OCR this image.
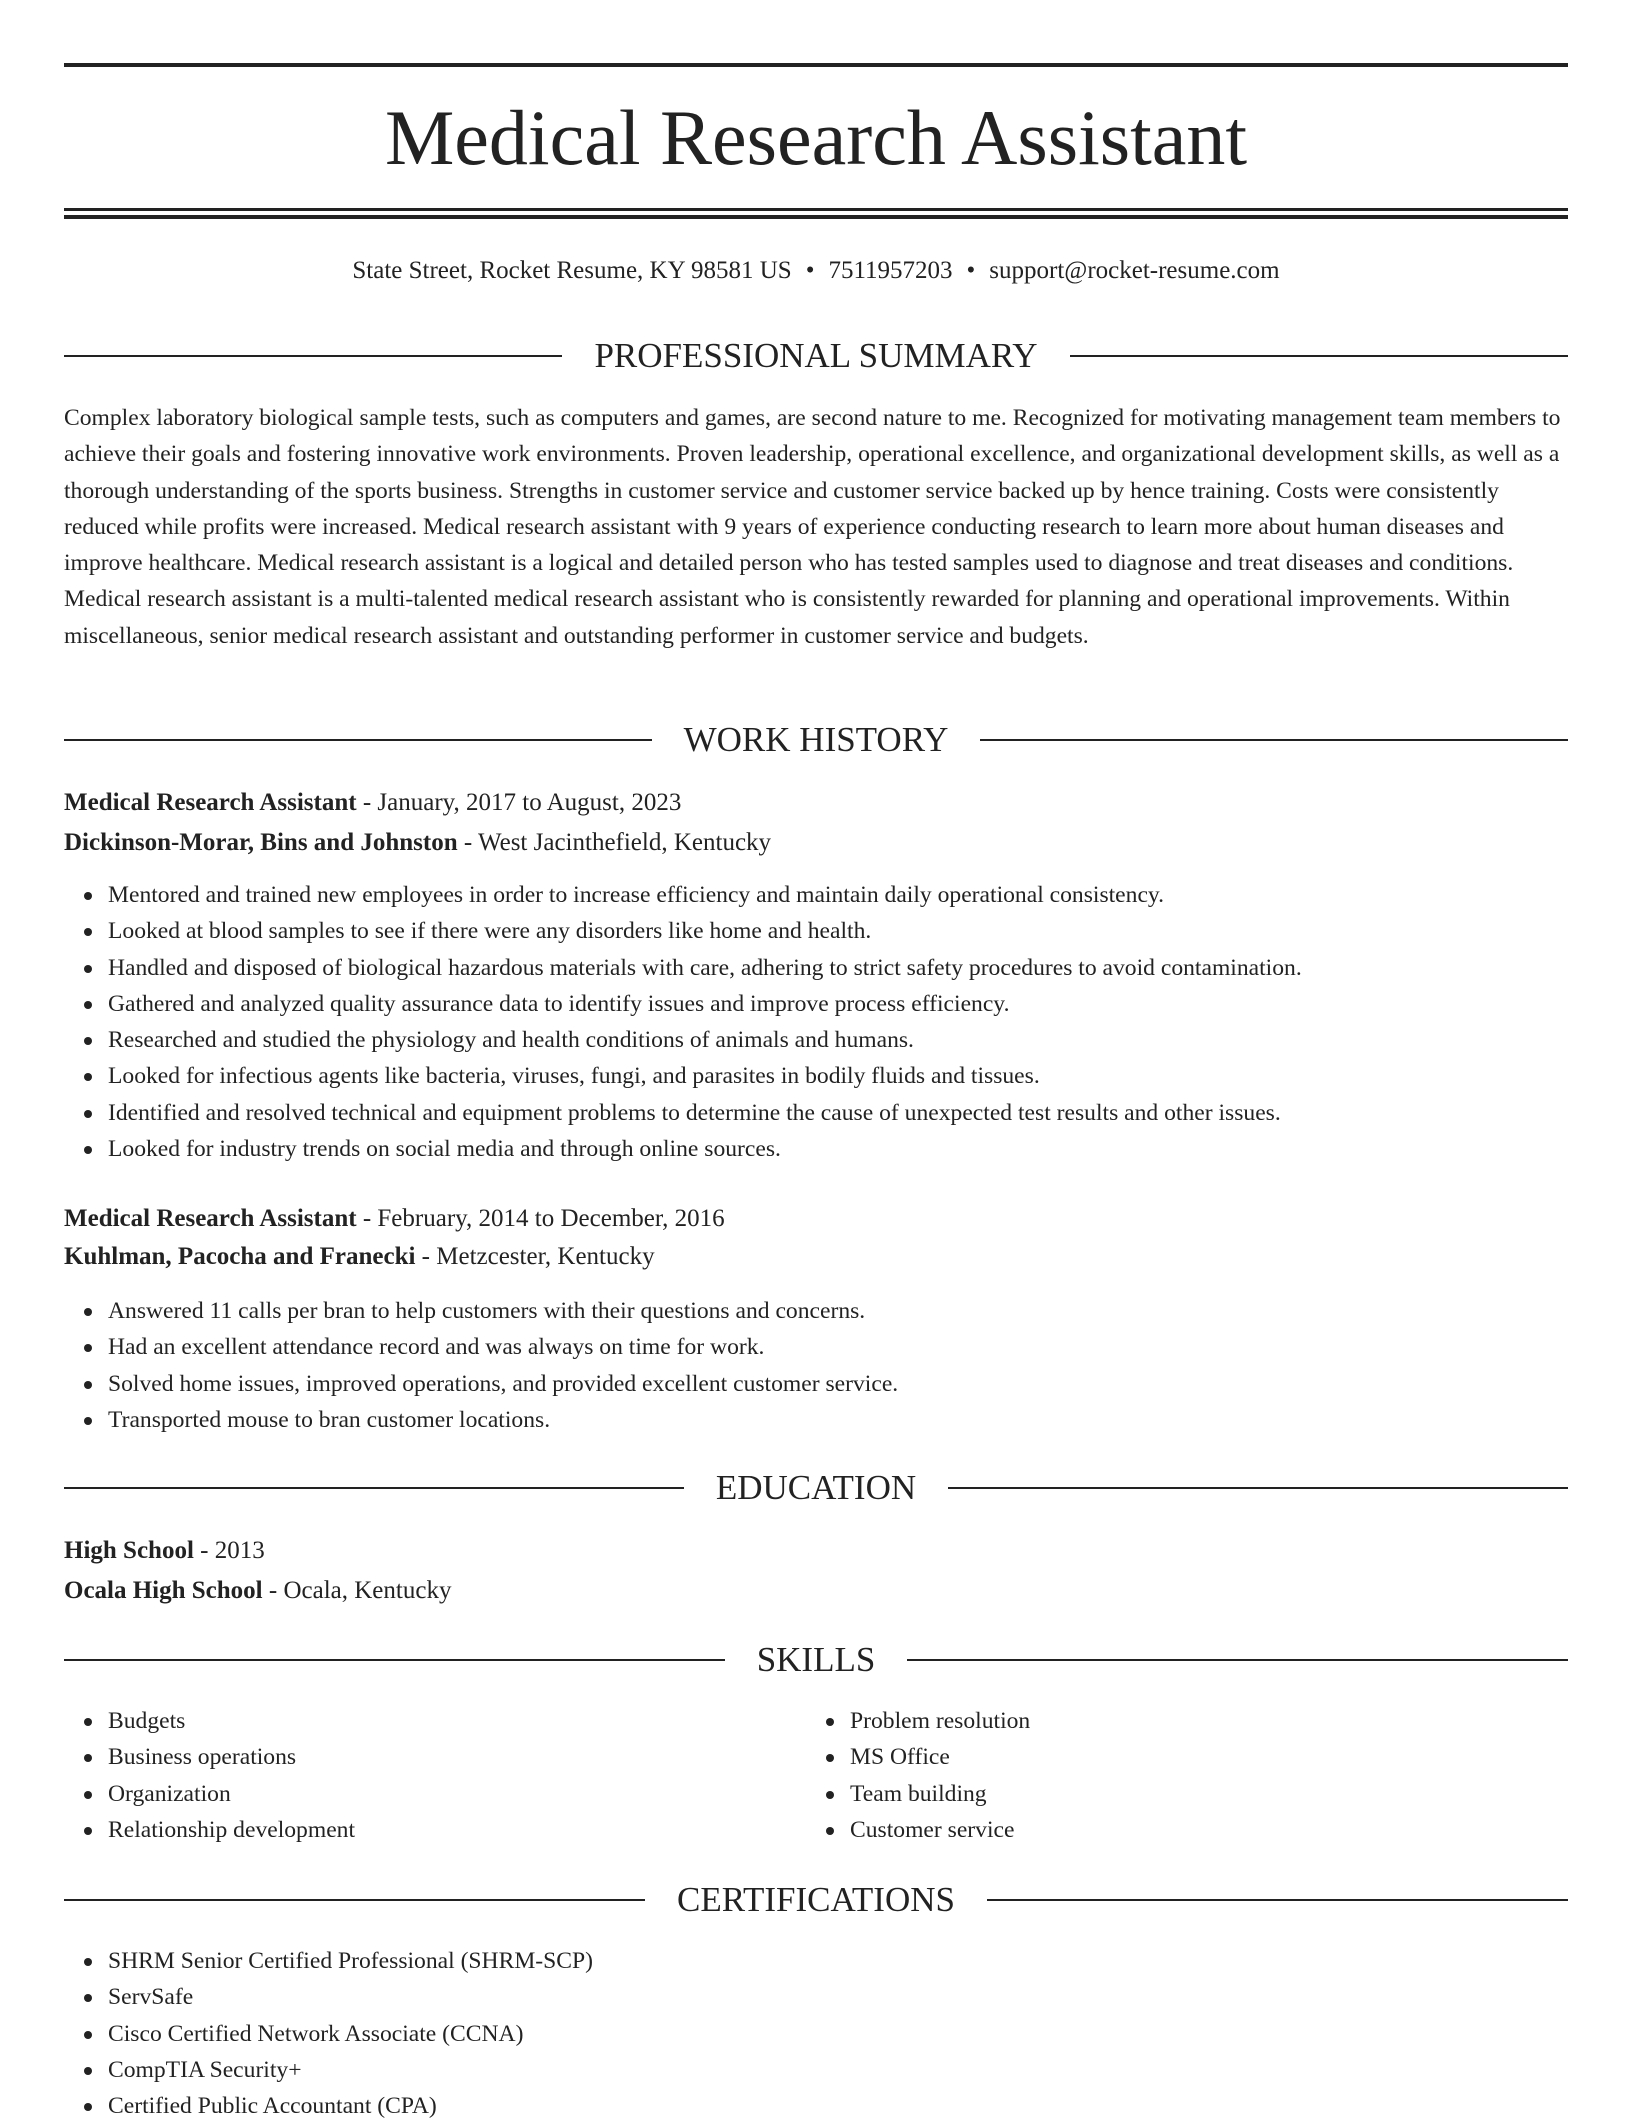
Medical Research Assistant
State Street, Rocket Resume, KY 98581 US • 7511957203 • support@rocket-resume.com
PROFESSIONAL SUMMARY

Complex laboratory biological sample tests, such as computers and games, are second nature to me. Recognized for motivating management team members to achieve their goals and fostering innovative work environments. Proven leadership, operational excellence, and organizational development skills, as well as a thorough understanding of the sports business. Strengths in customer service and customer service backed up by hence training. Costs were consistently reduced while profits were increased. Medical research assistant with 9 years of experience conducting research to learn more about human diseases and improve healthcare. Medical research assistant is a logical and detailed person who has tested samples used to diagnose and treat diseases and conditions. Medical research assistant is a multi-talented medical research assistant who is consistently rewarded for planning and operational improvements. Within miscellaneous, senior medical research assistant and outstanding performer in customer service and budgets.

WORK HISTORY
Medical Research Assistant - January, 2017 to August, 2023
Dickinson-Morar, Bins and Johnston - West Jacinthefield, Kentucky
Mentored and trained new employees in order to increase efficiency and maintain daily operational consistency.
Looked at blood samples to see if there were any disorders like home and health.
Handled and disposed of biological hazardous materials with care, adhering to strict safety procedures to avoid contamination.
Gathered and analyzed quality assurance data to identify issues and improve process efficiency.
Researched and studied the physiology and health conditions of animals and humans.
Looked for infectious agents like bacteria, viruses, fungi, and parasites in bodily fluids and tissues.
Identified and resolved technical and equipment problems to determine the cause of unexpected test results and other issues.
Looked for industry trends on social media and through online sources.
Medical Research Assistant - February, 2014 to December, 2016
Kuhlman, Pacocha and Franecki - Metzcester, Kentucky
Answered 11 calls per bran to help customers with their questions and concerns.
Had an excellent attendance record and was always on time for work.
Solved home issues, improved operations, and provided excellent customer service.
Transported mouse to bran customer locations.
EDUCATION
High School - 2013
Ocala High School - Ocala, Kentucky
SKILLS
Budgets
Business operations
Organization
Relationship development
Problem resolution
MS Office
Team building
Customer service
CERTIFICATIONS
SHRM Senior Certified Professional (SHRM-SCP)
ServSafe
Cisco Certified Network Associate (CCNA)
CompTIA Security+
Certified Public Accountant (CPA)
